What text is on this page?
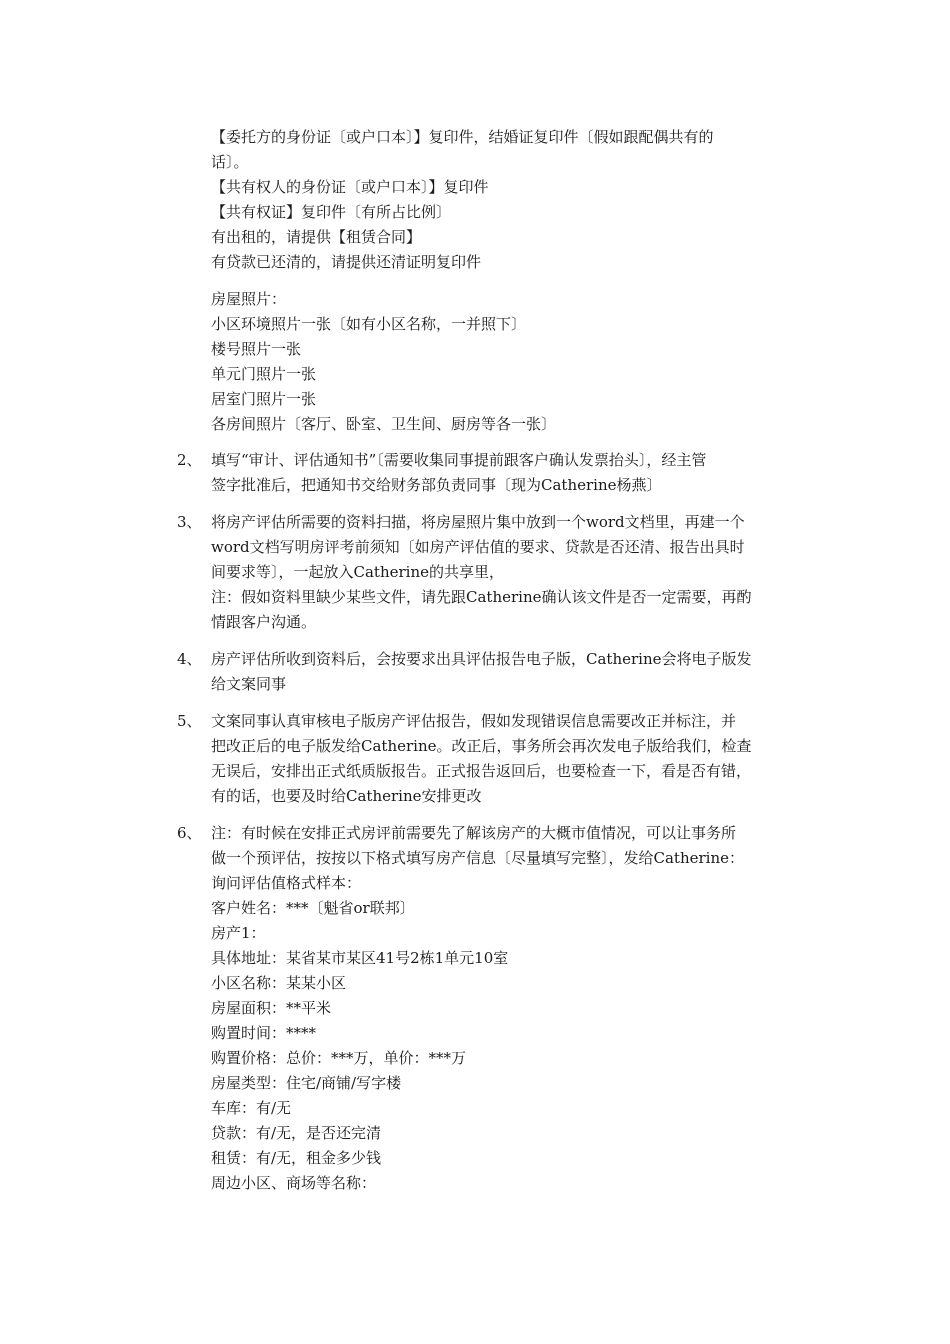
【委托方的身份证〔或户口本〕】复印件，结婚证复印件〔假如跟配偶共有的
话〕。
【共有权人的身份证〔或户口本〕】复印件
【共有权证】复印件〔有所占比例〕
有出租的，请提供【租赁合同】
有贷款已还清的，请提供还清证明复印件
房屋照片：
小区环境照片一张〔如有小区名称，一并照下〕
楼号照片一张
单元门照片一张
居室门照片一张
各房间照片〔客厅、卧室、卫生间、厨房等各一张〕
2、 填写“审计、评估通知书”〔需要收集同事提前跟客户确认发票抬头〕，经主管
签字批准后，把通知书交给财务部负责同事〔现为Catherine杨燕〕
3、 将房产评估所需要的资料扫描，将房屋照片集中放到一个word文档里，再建一个
word文档写明房评考前须知〔如房产评估值的要求、贷款是否还清、报告出具时
间要求等〕，一起放入Catherine的共享里，
注：假如资料里缺少某些文件，请先跟Catherine确认该文件是否一定需要，再酌
情跟客户沟通。
4、 房产评估所收到资料后，会按要求出具评估报告电子版，Catherine会将电子版发
给文案同事
5、 文案同事认真审核电子版房产评估报告，假如发现错误信息需要改正并标注，并
把改正后的电子版发给Catherine。改正后，事务所会再次发电子版给我们，检查
无误后，安排出正式纸质版报告。正式报告返回后，也要检查一下，看是否有错，
有的话，也要及时给Catherine安排更改
6、 注：有时候在安排正式房评前需要先了解该房产的大概市值情况，可以让事务所
做一个预评估，按按以下格式填写房产信息〔尽量填写完整〕，发给Catherine：
询问评估值格式样本：
客户姓名：***〔魁省or联邦〕
房产1：
具体地址：某省某市某区41号2栋1单元10室
小区名称：某某小区
房屋面积：**平米
购置时间：****
购置价格：总价：***万，单价：***万
房屋类型：住宅/商铺/写字楼
车库：有/无
贷款：有/无，是否还完清
租赁：有/无，租金多少钱
周边小区、商场等名称：
